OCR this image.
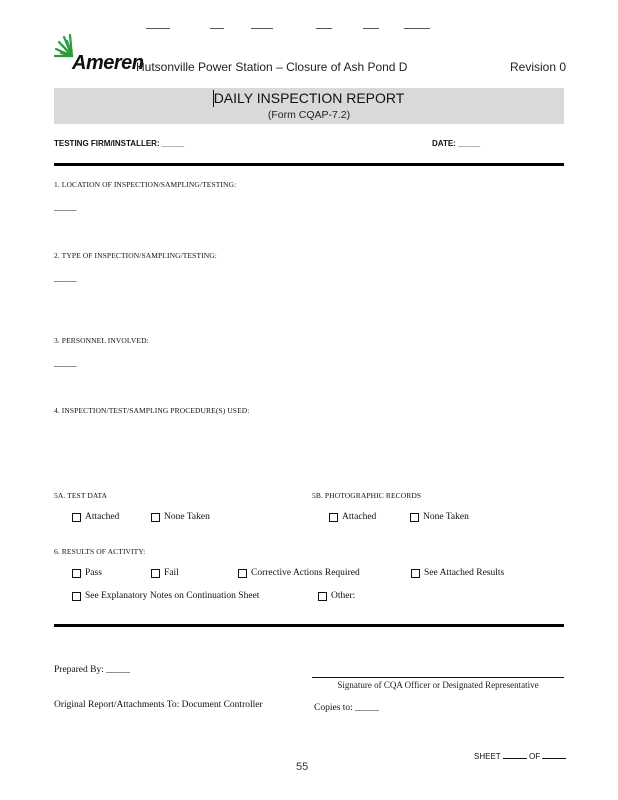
Ameren
Hutsonville Power Station – Closure of Ash Pond D	Revision 0
DAILY INSPECTION REPORT
(Form CQAP-7.2)
TESTING FIRM/INSTALLER: _____	DATE: _____
1. LOCATION OF INSPECTION/SAMPLING/TESTING:
_____
2. TYPE OF INSPECTION/SAMPLING/TESTING:
_____
3. PERSONNEL INVOLVED:
_____
4. INSPECTION/TEST/SAMPLING PROCEDURE(S) USED:
5A. TEST DATA	5B. PHOTOGRAPHIC RECORDS
Attached	None Taken	Attached	None Taken
6. RESULTS OF ACTIVITY:
Pass	Fail	Corrective Actions Required	See Attached Results
See Explanatory Notes on Continuation Sheet	Other:
Prepared By: _____
Signature of CQA Officer or Designated Representative
Original Report/Attachments To: Document Controller	Copies to: _____
SHEET	OF
55
